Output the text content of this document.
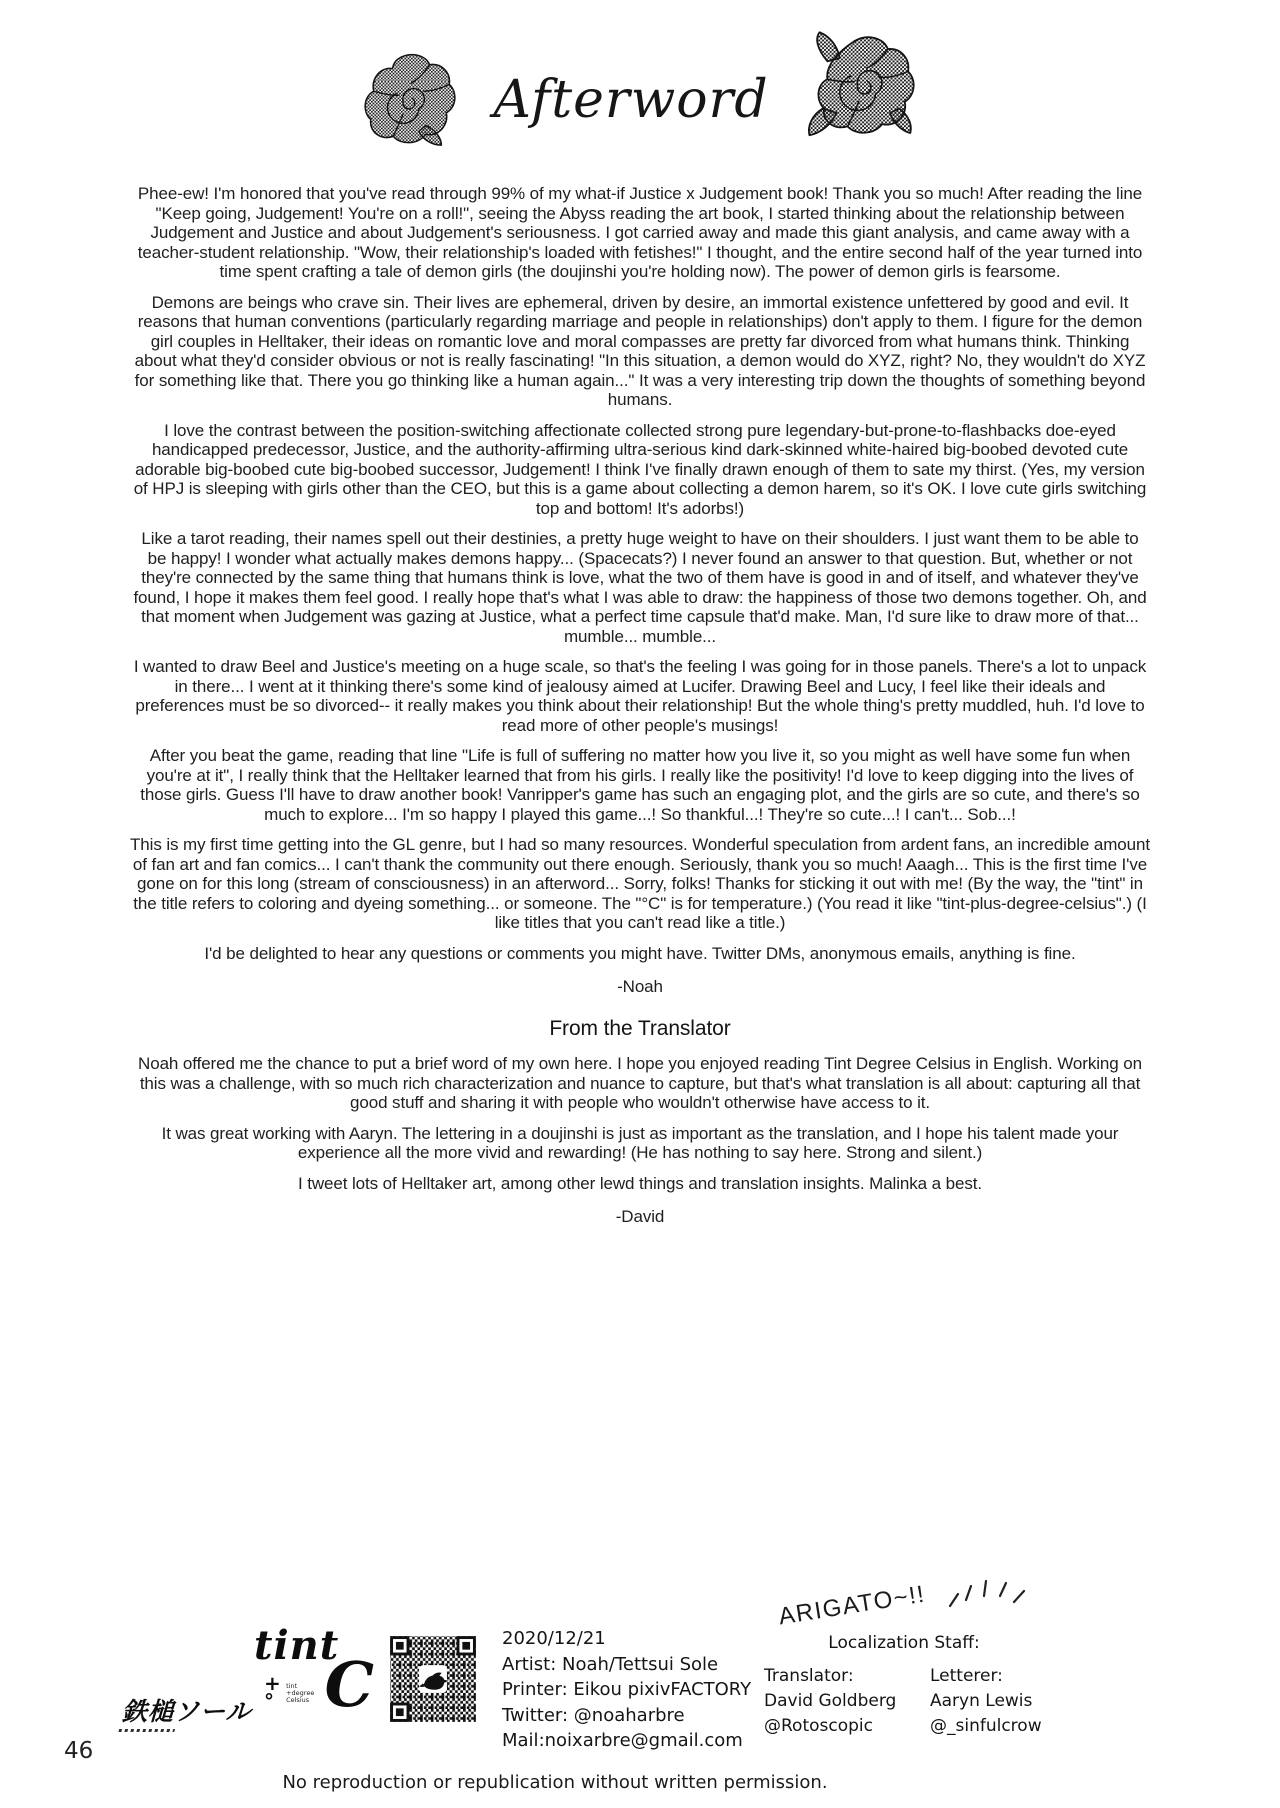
Afterword

Phee-ew! I'm honored that you've read through 99% of my what-if Justice x Judgement book! Thank you so much! After reading the line "Keep going, Judgement! You're on a roll!", seeing the Abyss reading the art book, I started thinking about the relationship between Judgement and Justice and about Judgement's seriousness. I got carried away and made this giant analysis, and came away with a teacher-student relationship. "Wow, their relationship's loaded with fetishes!" I thought, and the entire second half of the year turned into time spent crafting a tale of demon girls (the doujinshi you're holding now). The power of demon girls is fearsome.

Demons are beings who crave sin. Their lives are ephemeral, driven by desire, an immortal existence unfettered by good and evil. It reasons that human conventions (particularly regarding marriage and people in relationships) don't apply to them. I figure for the demon girl couples in Helltaker, their ideas on romantic love and moral compasses are pretty far divorced from what humans think. Thinking about what they'd consider obvious or not is really fascinating! "In this situation, a demon would do XYZ, right? No, they wouldn't do XYZ for something like that. There you go thinking like a human again..." It was a very interesting trip down the thoughts of something beyond humans.

I love the contrast between the position-switching affectionate collected strong pure legendary-but-prone-to-flashbacks doe-eyed handicapped predecessor, Justice, and the authority-affirming ultra-serious kind dark-skinned white-haired big-boobed devoted cute adorable big-boobed cute big-boobed successor, Judgement! I think I've finally drawn enough of them to sate my thirst. (Yes, my version of HPJ is sleeping with girls other than the CEO, but this is a game about collecting a demon harem, so it's OK. I love cute girls switching top and bottom! It's adorbs!)

Like a tarot reading, their names spell out their destinies, a pretty huge weight to have on their shoulders. I just want them to be able to be happy! I wonder what actually makes demons happy... (Spacecats?) I never found an answer to that question. But, whether or not they're connected by the same thing that humans think is love, what the two of them have is good in and of itself, and whatever they've found, I hope it makes them feel good. I really hope that's what I was able to draw: the happiness of those two demons together. Oh, and that moment when Judgement was gazing at Justice, what a perfect time capsule that'd make. Man, I'd sure like to draw more of that... mumble... mumble...

I wanted to draw Beel and Justice's meeting on a huge scale, so that's the feeling I was going for in those panels. There's a lot to unpack in there... I went at it thinking there's some kind of jealousy aimed at Lucifer. Drawing Beel and Lucy, I feel like their ideals and preferences must be so divorced-- it really makes you think about their relationship! But the whole thing's pretty muddled, huh. I'd love to read more of other people's musings!

After you beat the game, reading that line "Life is full of suffering no matter how you live it, so you might as well have some fun when you're at it", I really think that the Helltaker learned that from his girls. I really like the positivity! I'd love to keep digging into the lives of those girls. Guess I'll have to draw another book! Vanripper's game has such an engaging plot, and the girls are so cute, and there's so much to explore... I'm so happy I played this game...! So thankful...! They're so cute...! I can't... Sob...!

This is my first time getting into the GL genre, but I had so many resources. Wonderful speculation from ardent fans, an incredible amount of fan art and fan comics... I can't thank the community out there enough. Seriously, thank you so much! Aaagh... This is the first time I've gone on for this long (stream of consciousness) in an afterword... Sorry, folks! Thanks for sticking it out with me! (By the way, the "tint" in the title refers to coloring and dyeing something... or someone. The "°C" is for temperature.) (You read it like "tint-plus-degree-celsius".) (I like titles that you can't read like a title.)

I'd be delighted to hear any questions or comments you might have. Twitter DMs, anonymous emails, anything is fine.

-Noah

From the Translator

Noah offered me the chance to put a brief word of my own here. I hope you enjoyed reading Tint Degree Celsius in English. Working on this was a challenge, with so much rich characterization and nuance to capture, but that's what translation is all about: capturing all that good stuff and sharing it with people who wouldn't otherwise have access to it.

It was great working with Aaryn. The lettering in a doujinshi is just as important as the translation, and I hope his talent made your experience all the more vivid and rewarding! (He has nothing to say here. Strong and silent.)

I tweet lots of Helltaker art, among other lewd things and translation insights. Malinka a best.

-David

鉄槌ソール
tint
+°
tint +degree Celsius C
2020/12/21
Artist: Noah/Tettsui Sole
Printer: Eikou pixivFACTORY
Twitter: @noaharbre
Mail:noixarbre@gmail.com
ARIGATO~!!
Localization Staff:
Translator:
David Goldberg
@Rotoscopic
Letterer:
Aaryn Lewis
@_sinfulcrow
46
No reproduction or republication without written permission.
